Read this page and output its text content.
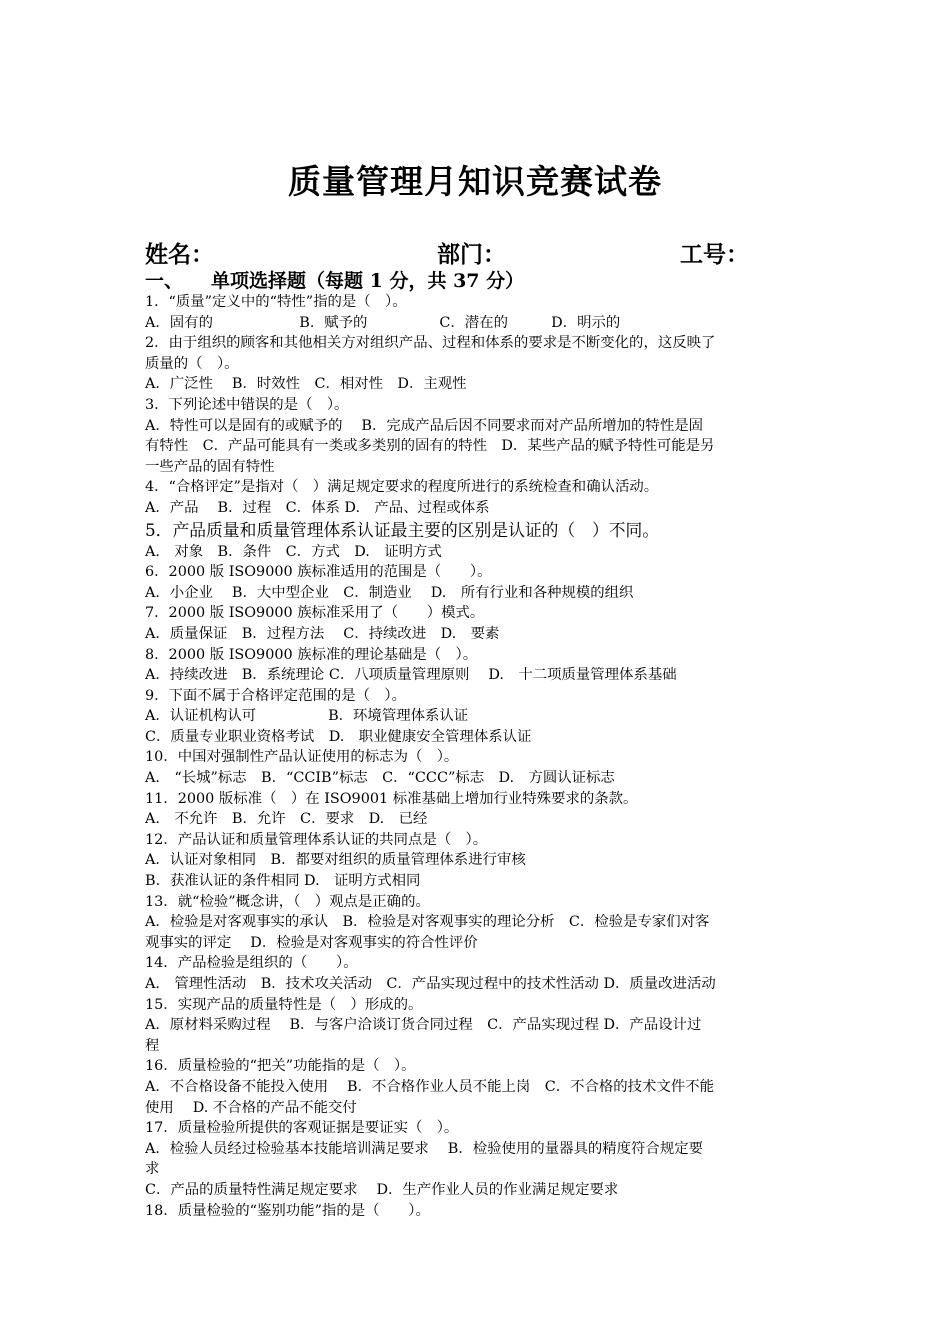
质量管理月知识竞赛试卷
姓名：	部门：	工号：
一、 单项选择题（每题 1 分，共 37 分）
1．“质量”定义中的“特性”指的是（　）。
A．固有的　　　　　　B．赋予的　　　　　C．潜在的　　　D．明示的
2．由于组织的顾客和其他相关方对组织产品、过程和体系的要求是不断变化的，这反映了
质量的（　）。
A．广泛性　 B．时效性　C．相对性　D．主观性
3．下列论述中错误的是（　）。
A．特性可以是固有的或赋予的　 B．完成产品后因不同要求而对产品所增加的特性是固
有特性　C．产品可能具有一类或多类别的固有的特性　D．某些产品的赋予特性可能是另
一些产品的固有特性
4．“合格评定”是指对（　）满足规定要求的程度所进行的系统检查和确认活动。
A．产品　 B．过程　C．体系 D.　产品、过程或体系
5．产品质量和质量管理体系认证最主要的区别是认证的（　）不同。
A.　对象　B．条件　C．方式　D.　证明方式
6．2000 版 ISO9000 族标准适用的范围是（　　）。
A．小企业　 B．大中型企业　C．制造业　 D.　所有行业和各种规模的组织
7．2000 版 ISO9000 族标准采用了（　　）模式。
A．质量保证　B．过程方法　 C．持续改进　D.　要素
8．2000 版 ISO9000 族标准的理论基础是（　）。
A．持续改进　B．系统理论 C．八项质量管理原则　 D.　十二项质量管理体系基础
9．下面不属于合格评定范围的是（　）。
A．认证机构认可　　　　　B．环境管理体系认证
C．质量专业职业资格考试　D.　职业健康安全管理体系认证
10．中国对强制性产品认证使用的标志为（　）。
A.　“长城”标志　B．“CCIB”标志　C．“CCC”标志　D.　方圆认证标志
11．2000 版标准（　）在 ISO9001 标准基础上增加行业特殊要求的条款。
A.　不允许　B．允许　C．要求　D.　已经
12．产品认证和质量管理体系认证的共同点是（　）。
A．认证对象相同　B．都要对组织的质量管理体系进行审核
B．获准认证的条件相同 D.　证明方式相同
13．就“检验”概念讲，（　）观点是正确的。
A．检验是对客观事实的承认　B．检验是对客观事实的理论分析　C．检验是专家们对客
观事实的评定　 D．检验是对客观事实的符合性评价
14．产品检验是组织的（　　）。
A.　管理性活动　B．技术攻关活动　C．产品实现过程中的技术性活动 D．质量改进活动
15．实现产品的质量特性是（　）形成的。
A．原材料采购过程　 B．与客户洽谈订货合同过程　C．产品实现过程 D．产品设计过
程
16．质量检验的“把关”功能指的是（　）。
A．不合格设备不能投入使用　 B．不合格作业人员不能上岗　C．不合格的技术文件不能
使用　 D. 不合格的产品不能交付
17．质量检验所提供的客观证据是要证实（　）。
A．检验人员经过检验基本技能培训满足要求　 B．检验使用的量器具的精度符合规定要
求
C．产品的质量特性满足规定要求　 D．生产作业人员的作业满足规定要求
18．质量检验的“鉴别功能”指的是（　　）。
